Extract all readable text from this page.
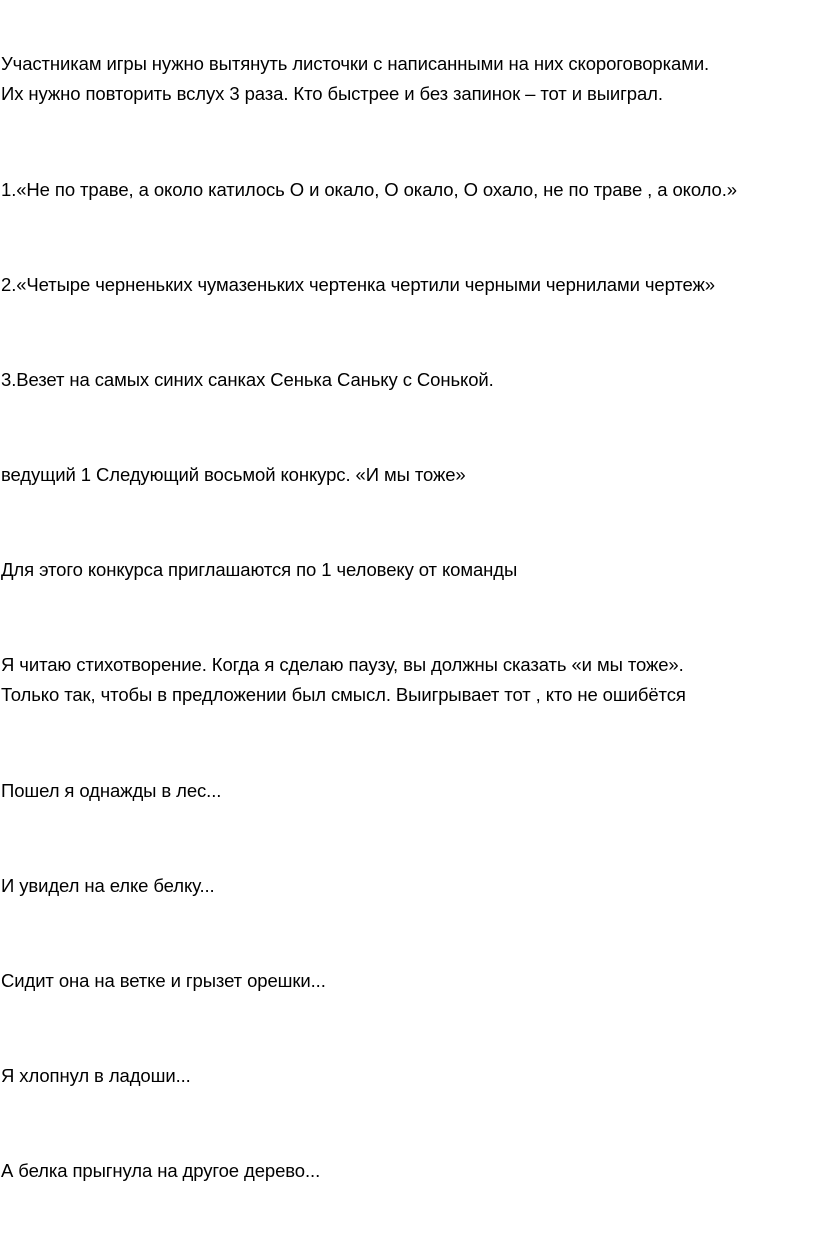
Участникам игры нужно вытянуть листочки с написанными на них скороговорками.
Их нужно повторить вслух 3 раза. Кто быстрее и без запинок – тот и выиграл.
1.«Не по траве, а около катилось О и окало, О окало, О охало, не по траве , а около.»
2.«Четыре черненьких чумазеньких чертенка чертили черными чернилами чертеж»
3.Везет на самых синих санках Сенька Саньку с Сонькой.
ведущий 1 Следующий восьмой конкурс. «И мы тоже»
Для этого конкурса приглашаются по 1 человеку от команды
Я читаю стихотворение. Когда я сделаю паузу, вы должны сказать «и мы тоже».
Только так, чтобы в предложении был смысл. Выигрывает тот , кто не ошибётся
Пошел я однажды в лес...
И увидел на елке белку...
Сидит она на ветке и грызет орешки...
Я хлопнул в ладоши...
А белка прыгнула на другое дерево...
